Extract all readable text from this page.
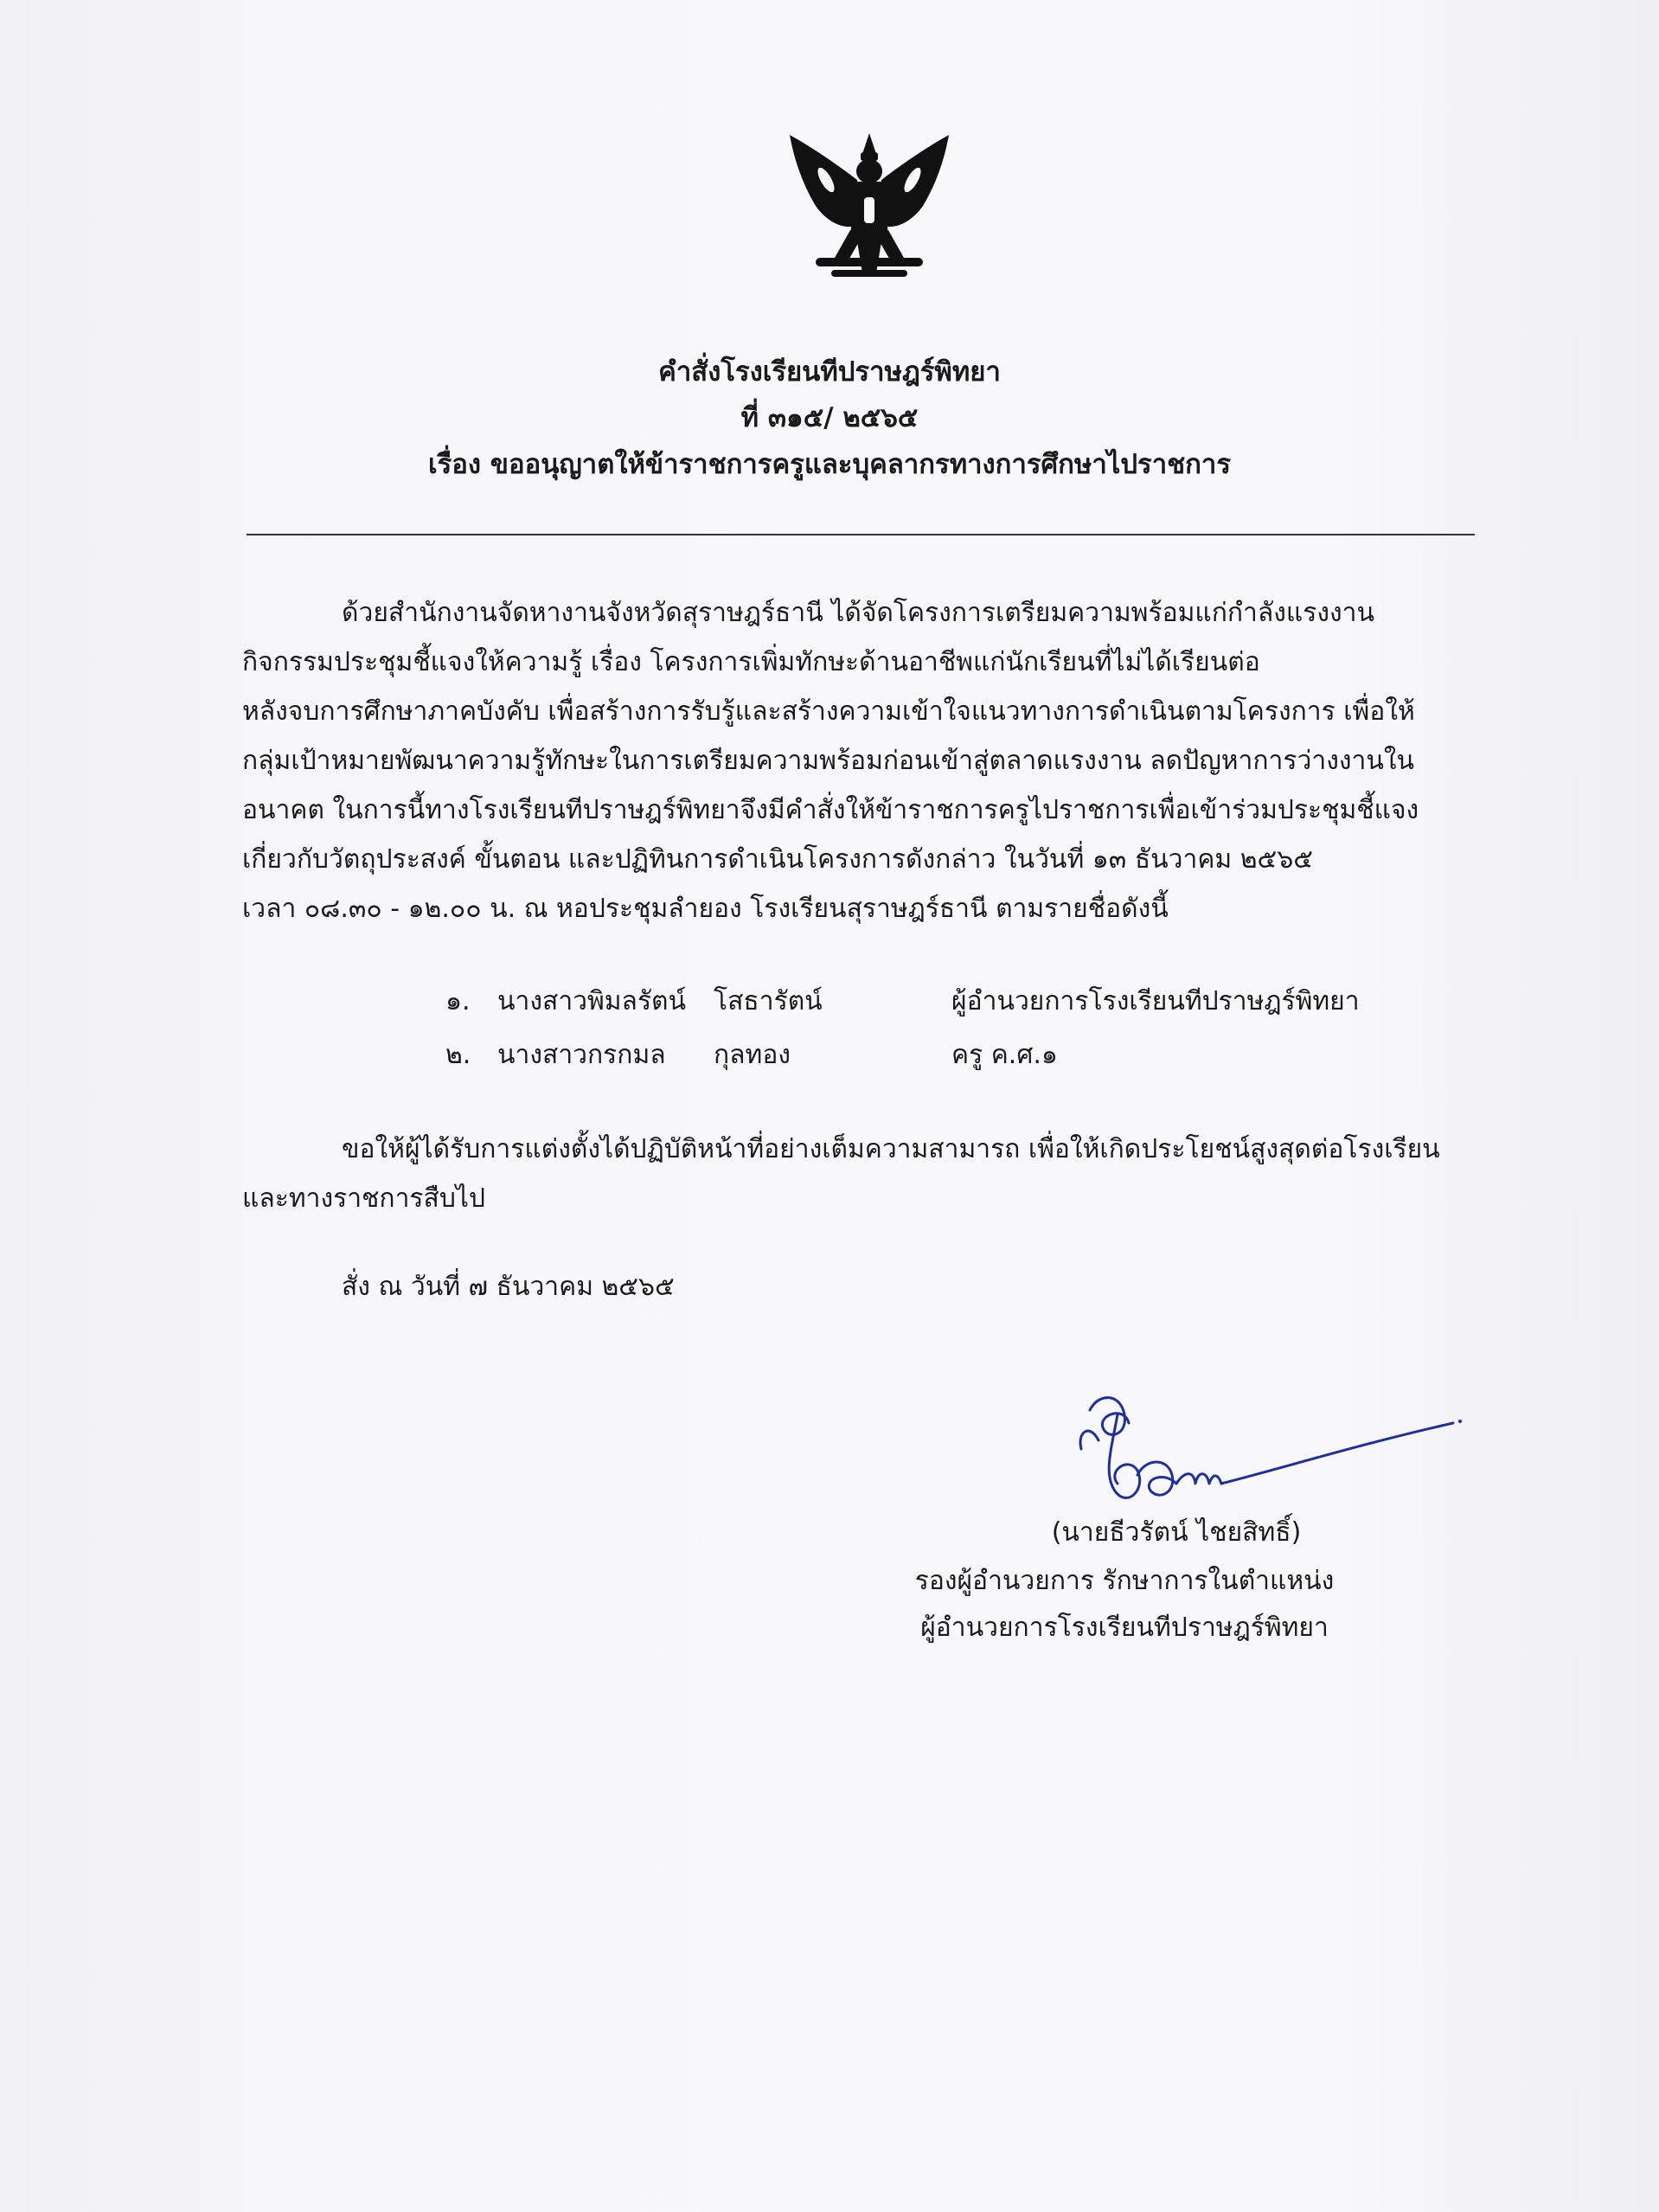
คำสั่งโรงเรียนทีปราษฎร์พิทยา
ที่ ๓๑๕/ ๒๕๖๕
เรื่อง ขออนุญาตให้ข้าราชการครูและบุคลากรทางการศึกษาไปราชการ
ด้วยสำนักงานจัดหางานจังหวัดสุราษฎร์ธานี ได้จัดโครงการเตรียมความพร้อมแก่กำลังแรงงาน
กิจกรรมประชุมชี้แจงให้ความรู้ เรื่อง โครงการเพิ่มทักษะด้านอาชีพแก่นักเรียนที่ไม่ได้เรียนต่อ
หลังจบการศึกษาภาคบังคับ เพื่อสร้างการรับรู้และสร้างความเข้าใจแนวทางการดำเนินตามโครงการ เพื่อให้
กลุ่มเป้าหมายพัฒนาความรู้ทักษะในการเตรียมความพร้อมก่อนเข้าสู่ตลาดแรงงาน ลดปัญหาการว่างงานใน
อนาคต ในการนี้ทางโรงเรียนทีปราษฎร์พิทยาจึงมีคำสั่งให้ข้าราชการครูไปราชการเพื่อเข้าร่วมประชุมชี้แจง
เกี่ยวกับวัตถุประสงค์ ขั้นตอน และปฏิทินการดำเนินโครงการดังกล่าว ในวันที่ ๑๓ ธันวาคม ๒๕๖๕
เวลา ๐๘.๓๐ - ๑๒.๐๐ น. ณ หอประชุมลำยอง โรงเรียนสุราษฎร์ธานี ตามรายชื่อดังนี้
๑. นางสาวพิมลรัตน์ โสธารัตน์	ผู้อำนวยการโรงเรียนทีปราษฎร์พิทยา
๒. นางสาวกรกมล กุลทอง	ครู ค.ศ.๑
ขอให้ผู้ได้รับการแต่งตั้งได้ปฏิบัติหน้าที่อย่างเต็มความสามารถ เพื่อให้เกิดประโยชน์สูงสุดต่อโรงเรียน
และทางราชการสืบไป
สั่ง ณ วันที่ ๗ ธันวาคม ๒๕๖๕
(นายธีวรัตน์ ไชยสิทธิ์)
รองผู้อำนวยการ รักษาการในตำแหน่ง
ผู้อำนวยการโรงเรียนทีปราษฎร์พิทยา
